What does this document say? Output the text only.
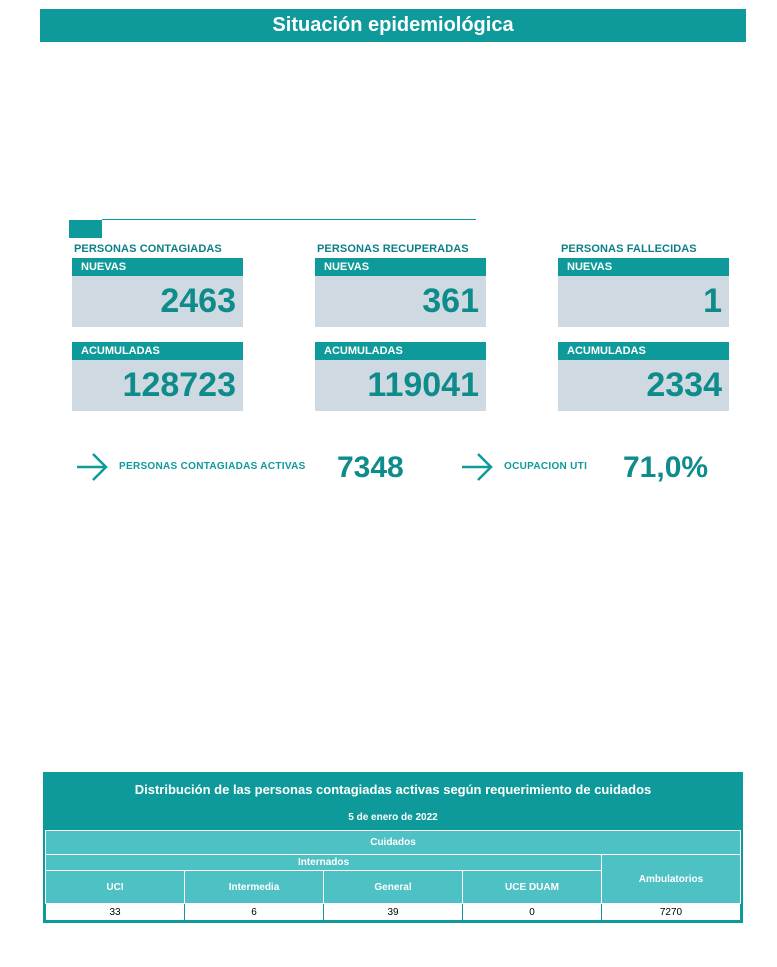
Situación epidemiológica
PERSONAS CONTAGIADAS
NUEVAS
2463
ACUMULADAS
128723
PERSONAS RECUPERADAS
NUEVAS
361
ACUMULADAS
119041
PERSONAS FALLECIDAS
NUEVAS
1
ACUMULADAS
2334
PERSONAS CONTAGIADAS ACTIVAS 7348	OCUPACION UTI 71,0%
Distribución de las personas contagiadas activas según requerimiento de cuidados
5 de enero de 2022
Cuidados				
Internados				Ambulatorios
UCI	Intermedia	General	UCE DUAM	
33	6	39	0	7270
